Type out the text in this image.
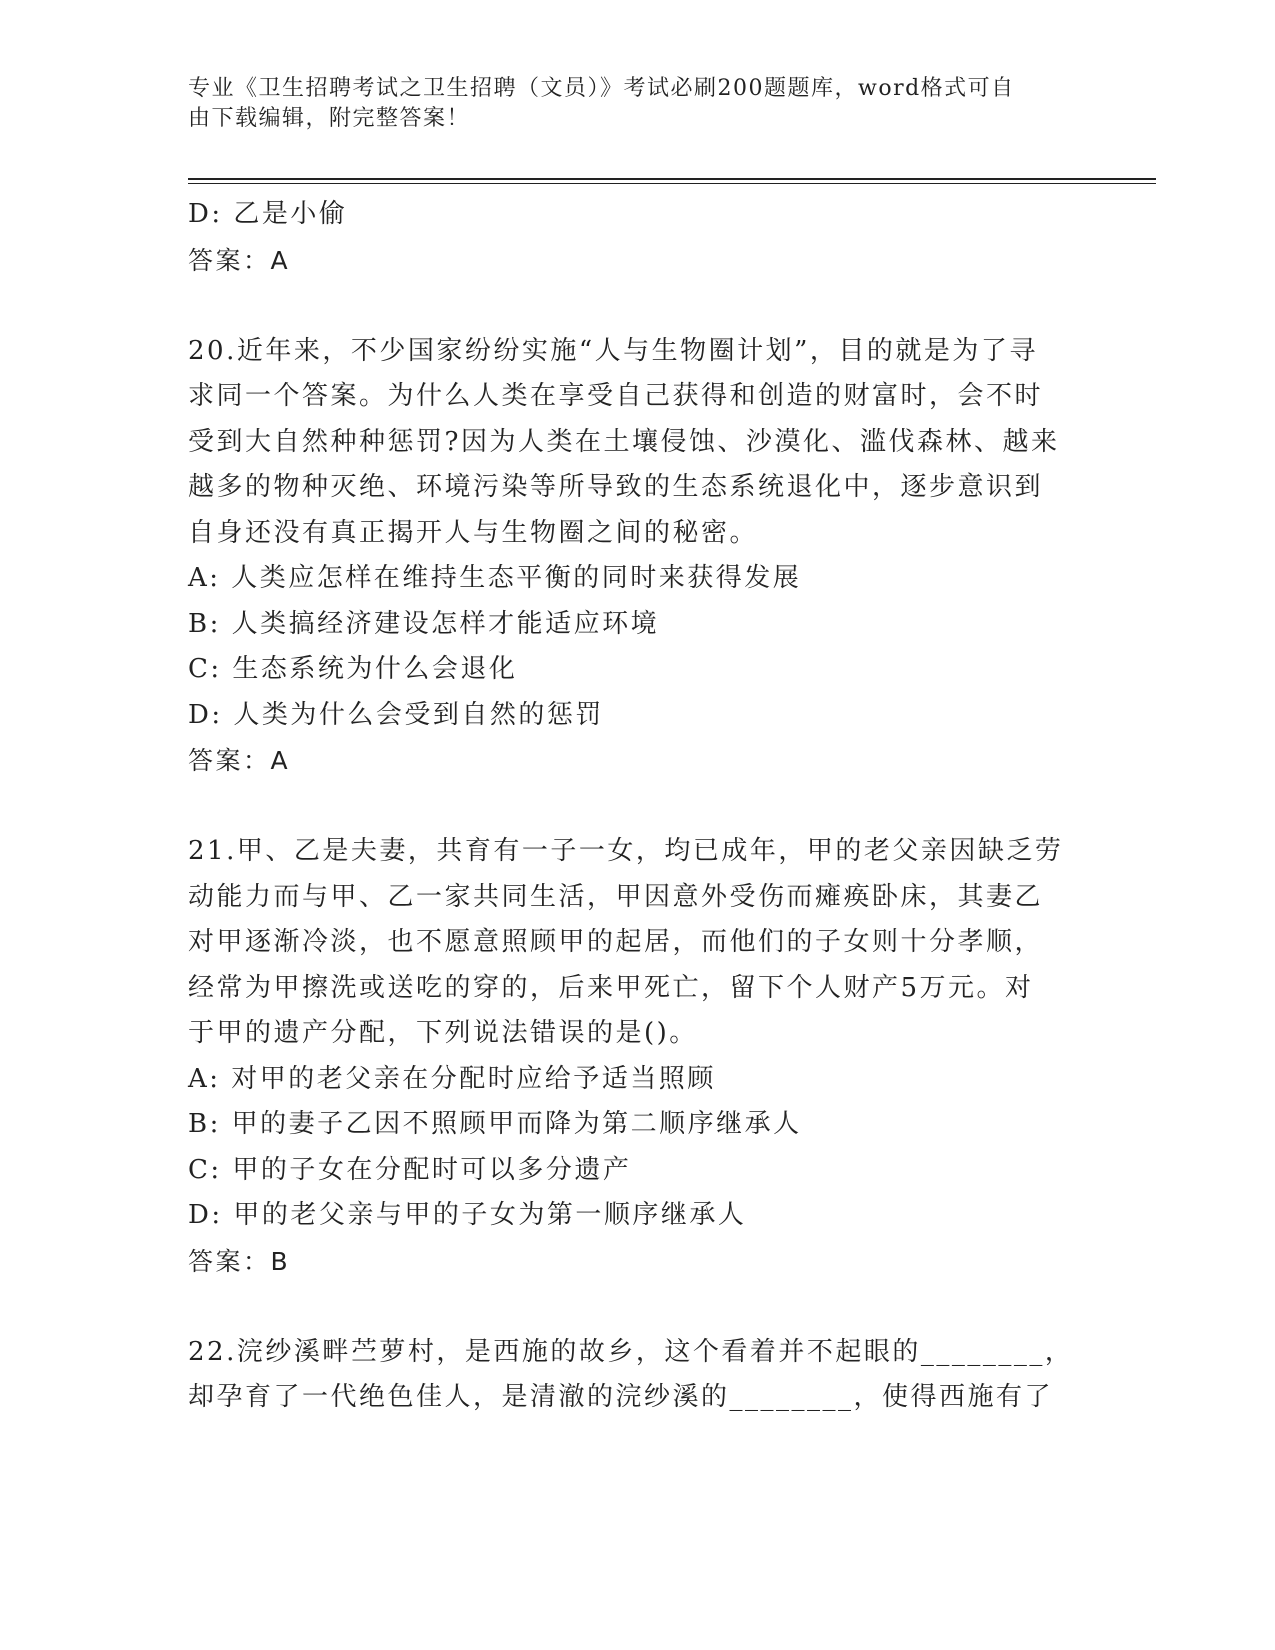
专业《卫生招聘考试之卫生招聘（文员）》考试必刷200题题库，word格式可自
由下载编辑，附完整答案！
D: 乙是小偷
答案：A
20.近年来，不少国家纷纷实施“人与生物圈计划”，目的就是为了寻
求同一个答案。为什么人类在享受自己获得和创造的财富时，会不时
受到大自然种种惩罚?因为人类在土壤侵蚀、沙漠化、滥伐森林、越来
越多的物种灭绝、环境污染等所导致的生态系统退化中，逐步意识到
自身还没有真正揭开人与生物圈之间的秘密。
A: 人类应怎样在维持生态平衡的同时来获得发展
B: 人类搞经济建设怎样才能适应环境
C: 生态系统为什么会退化
D: 人类为什么会受到自然的惩罚
答案：A
21.甲、乙是夫妻，共育有一子一女，均已成年，甲的老父亲因缺乏劳
动能力而与甲、乙一家共同生活，甲因意外受伤而瘫痪卧床，其妻乙
对甲逐渐冷淡，也不愿意照顾甲的起居，而他们的子女则十分孝顺，
经常为甲擦洗或送吃的穿的，后来甲死亡，留下个人财产5万元。对
于甲的遗产分配，下列说法错误的是()。
A: 对甲的老父亲在分配时应给予适当照顾
B: 甲的妻子乙因不照顾甲而降为第二顺序继承人
C: 甲的子女在分配时可以多分遗产
D: 甲的老父亲与甲的子女为第一顺序继承人
答案：B
22.浣纱溪畔苎萝村，是西施的故乡，这个看着并不起眼的________，
却孕育了一代绝色佳人，是清澈的浣纱溪的________，使得西施有了
